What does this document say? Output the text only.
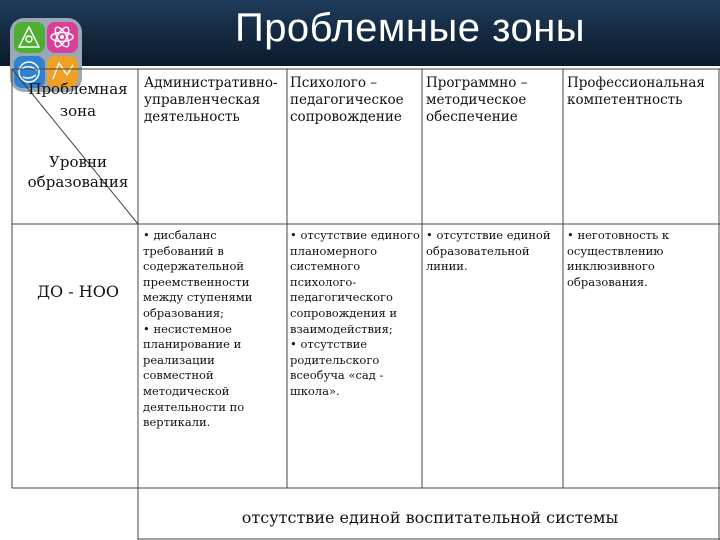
Проблемные зоны
Проблемная зона
Уровни образования
Административно-управленческая деятельность
Психолого – педагогическое сопровождение
Программно – методическое обеспечение
Профессиональная компетентность
ДО - НОО
• дисбаланс требований в содержательной преемственности между ступенями образования;
• несистемное планирование и реализации совместной методической деятельности по вертикали.
• отсутствие единого планомерного системного психолого-педагогического сопровождения и взаимодействия;
• отсутствие родительского всеобуча «сад - школа».
• отсутствие единой образовательной линии.
• неготовность к осуществлению инклюзивного образования.
отсутствие единой воспитательной системы
